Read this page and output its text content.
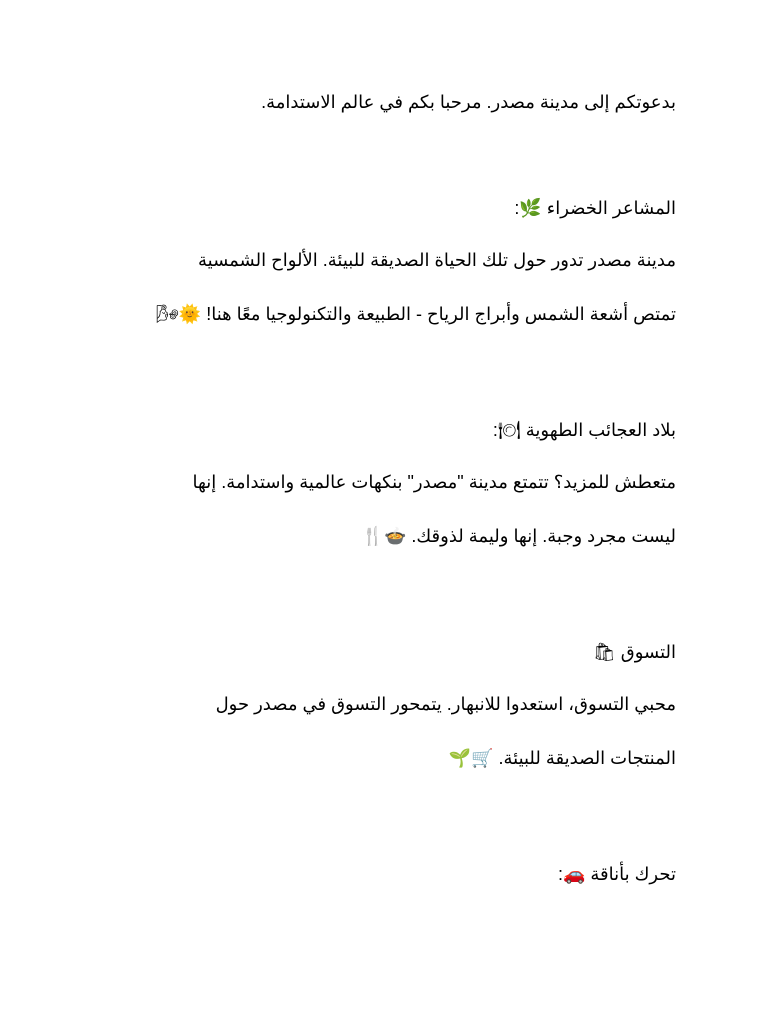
بدعوتكم إلى مدينة مصدر. مرحبا بكم في عالم الاستدامة.
المشاعر الخضراء 🌿:
مدينة مصدر تدور حول تلك الحياة الصديقة للبيئة. الألواح الشمسية
تمتص أشعة الشمس وأبراج الرياح - الطبيعة والتكنولوجيا معًا هنا! 🌞🌬
بلاد العجائب الطهوية 🍽:
متعطش للمزيد؟ تتمتع مدينة "مصدر" بنكهات عالمية واستدامة. إنها
ليست مجرد وجبة. إنها وليمة لذوقك. 🍲🍴
التسوق 🛍
محبي التسوق، استعدوا للانبهار. يتمحور التسوق في مصدر حول
المنتجات الصديقة للبيئة. 🛒🌱
تحرك بأناقة 🚗:
